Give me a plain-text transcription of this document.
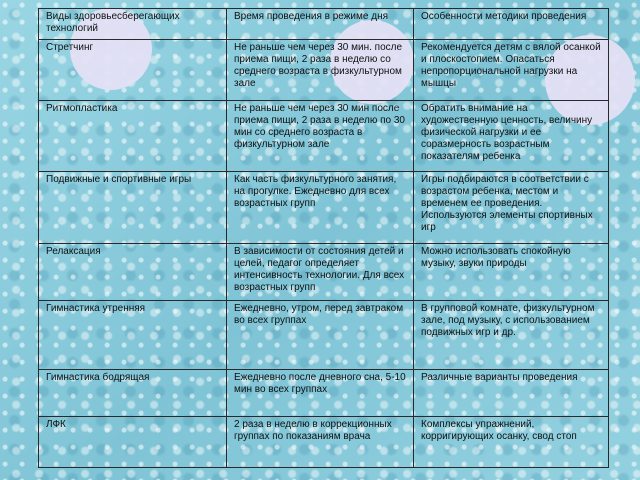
Виды здоровьесберегающих технологий	Время проведения в режиме дня	Особенности методики проведения
Стретчинг	Не раньше чем через 30 мин. после приема пищи, 2 раза в неделю со среднего возраста в физкультурном зале	Рекомендуется детям с вялой осанкой и плоскостопием. Опасаться непропорциональной нагрузки на мышцы
Ритмопластика	Не раньше чем через 30 мин после приема пищи, 2 раза в неделю по 30 мин со среднего возраста в физкультурном зале	Обратить внимание на художественную ценность, величину физической нагрузки и ее соразмерность возрастным показателям ребенка
Подвижные и спортивные игры	Как часть физкультурного занятия, на прогулке. Ежедневно для всех возрастных групп	Игры подбираются в соответствии с возрастом ребенка, местом и временем ее проведения. Используются элементы спортивных игр
Релаксация	В зависимости от состояния детей и целей, педагог определяет интенсивность технологии. Для всех возрастных групп	Можно использовать спокойную музыку, звуки природы
Гимнастика утренняя	Ежедневно, утром, перед завтраком во всех группах	В групповой комнате, физкультурном зале, под музыку, с использованием подвижных игр и др.
Гимнастика бодрящая	Ежедневно после дневного сна, 5-10 мин во всех группах	Различные варианты проведения
ЛФК	2 раза в неделю в коррекционных группах по показаниям врача	Комплексы упражнений, корригирующих осанку, свод стоп
